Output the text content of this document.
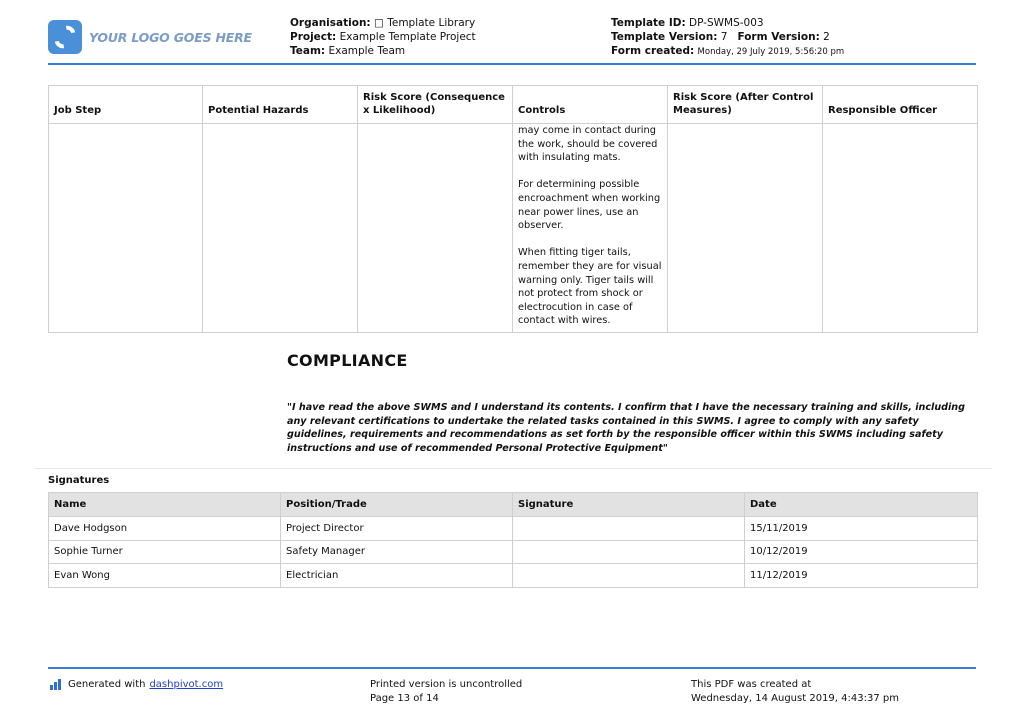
YOUR LOGO GOES HERE
Organisation: □ Template Library
Project: Example Template Project
Team: Example Team
Template ID: DP-SWMS-003
Template Version: 7 Form Version: 2
Form created: Monday, 29 July 2019, 5:56:20 pm
Job Step	Potential Hazards	Risk Score (Consequence x Likelihood)	Controls	Risk Score (After Control Measures)	Responsible Officer

			may come in contact during the work, should be covered with insulating mats.

For determining possible encroachment when working near power lines, use an observer.

When fitting tiger tails, remember they are for visual warning only. Tiger tails will not protect from shock or electrocution in case of contact with wires.		

COMPLIANCE
"I have read the above SWMS and I understand its contents. I confirm that I have the necessary training and skills, including any relevant certifications to undertake the related tasks contained in this SWMS. I agree to comply with any safety guidelines, requirements and recommendations as set forth by the responsible officer within this SWMS including safety instructions and use of recommended Personal Protective Equipment"
Signatures
Name	Position/Trade	Signature	Date
Dave Hodgson	Project Director		15/11/2019
Sophie Turner	Safety Manager		10/12/2019
Evan Wong	Electrician		11/12/2019
Generated with dashpivot.com	Printed version is uncontrolled
Page 13 of 14
This PDF was created at
Wednesday, 14 August 2019, 4:43:37 pm
